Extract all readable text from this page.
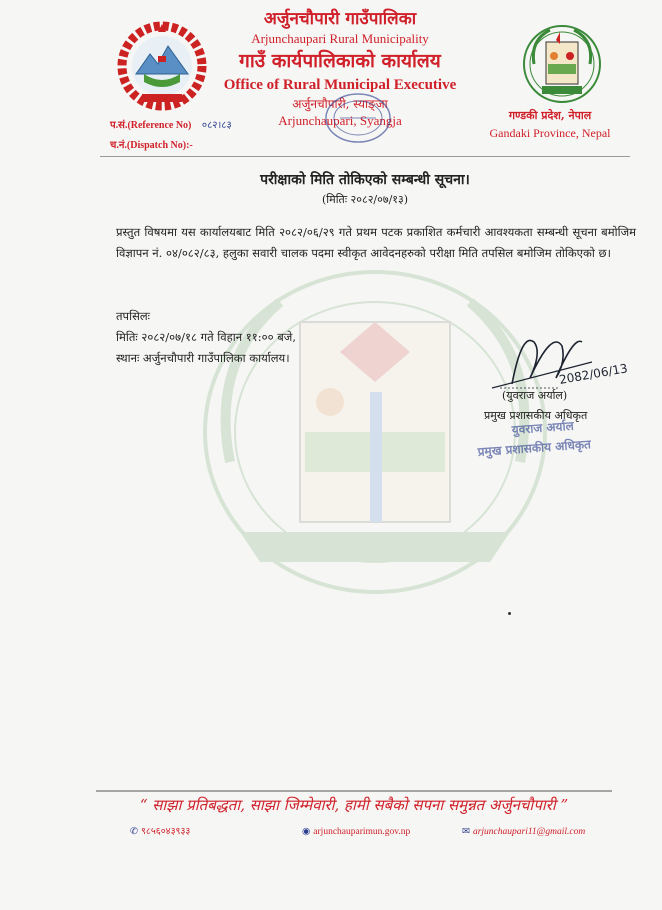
अर्जुनचौपारी गाउँपालिका
Arjunchaupari Rural Municipality
गाउँ कार्यपालिकाको कार्यालय
Office of Rural Municipal Executive
अर्जुनचौपारी, स्याङ्जा
Arjunchaupari, Syangja
प.सं.(Reference No) ०८२।८३
च.नं.(Dispatch No):-
गण्डकी प्रदेश, नेपाल
Gandaki Province, Nepal
परीक्षाको मिति तोकिएको सम्बन्धी सूचना।
(मितिः २०८२/०७/१३)
प्रस्तुत विषयमा यस कार्यालयबाट मिति २०८२/०६/२९ गते प्रथम पटक प्रकाशित कर्मचारी आवश्यकता सम्बन्धी सूचना बमोजिम विज्ञापन नं. ०४/०८२/८३, हलुका सवारी चालक पदमा स्वीकृत आवेदनहरुको परीक्षा मिति तपसिल बमोजिम तोकिएको छ।
तपसिलः
मितिः २०८२/०७/१८ गते विहान ११:०० बजे,
स्थानः अर्जुनचौपारी गाउँपालिका कार्यालय।
2082/06/13
(युवराज अर्याल)
प्रमुख प्रशासकीय अधिकृत
युवराज अर्याल
प्रमुख प्रशासकीय अधिकृत
“ साझा प्रतिबद्धता, साझा जिम्मेवारी, हामी सबैको सपना समुन्नत अर्जुनचौपारी ”
✆ ९८५६०४३९३३	◉ arjunchauparimun.gov.np	✉ arjunchaupari11@gmail.com
